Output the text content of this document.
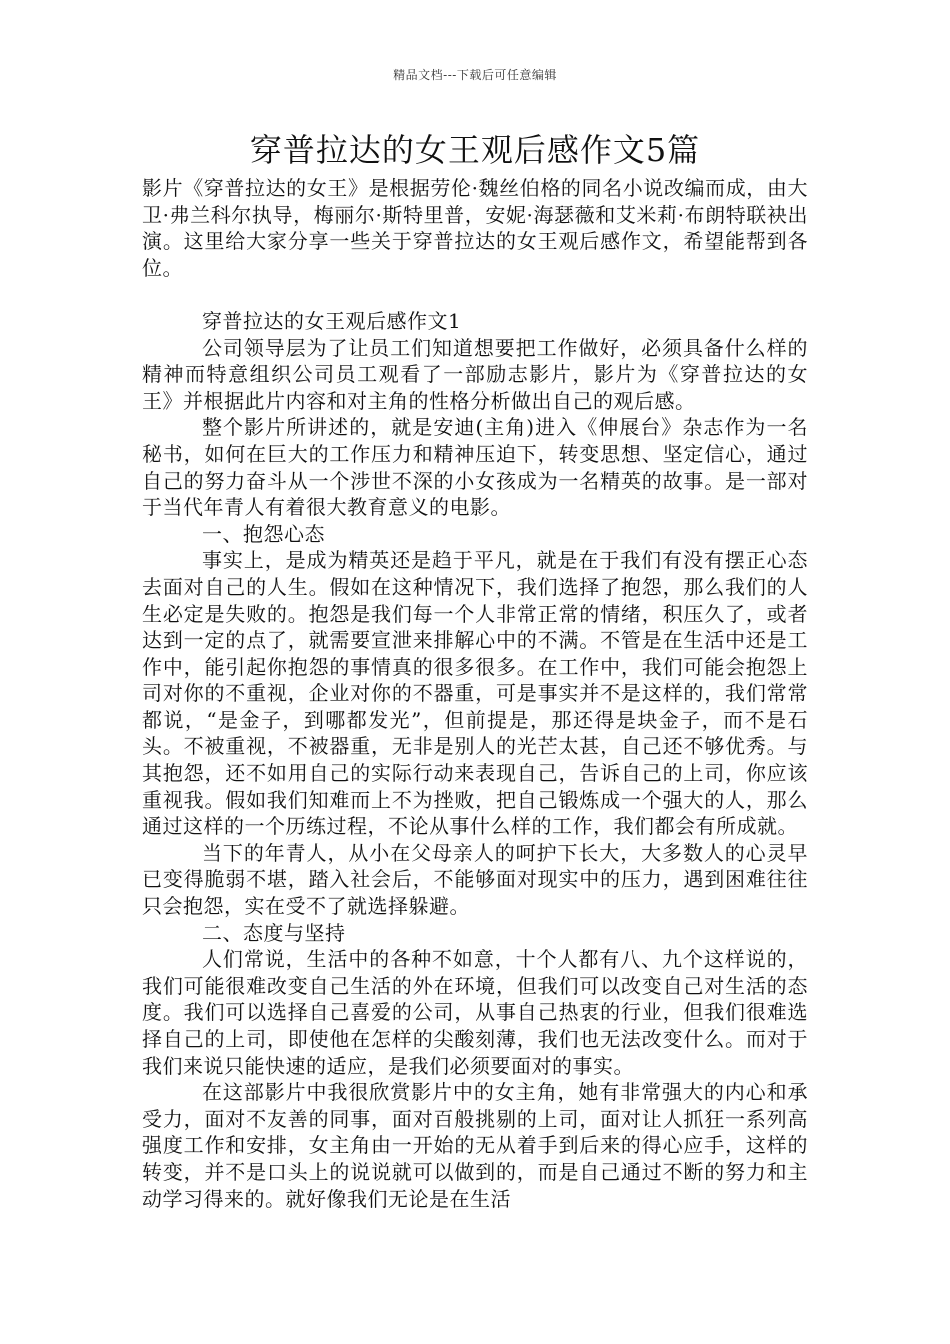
精品文档---下载后可任意编辑
穿普拉达的女王观后感作文5篇

影片《穿普拉达的女王》是根据劳伦·魏丝伯格的同名小说改编而成，由大卫·弗兰科尔执导，梅丽尔·斯特里普，安妮·海瑟薇和艾米莉·布朗特联袂出演。这里给大家分享一些关于穿普拉达的女王观后感作文，希望能帮到各位。

穿普拉达的女王观后感作文1

公司领导层为了让员工们知道想要把工作做好，必须具备什么样的精神而特意组织公司员工观看了一部励志影片，影片为《穿普拉达的女王》并根据此片内容和对主角的性格分析做出自己的观后感。

整个影片所讲述的，就是安迪(主角)进入《伸展台》杂志作为一名秘书，如何在巨大的工作压力和精神压迫下，转变思想、坚定信心，通过自己的努力奋斗从一个涉世不深的小女孩成为一名精英的故事。是一部对于当代年青人有着很大教育意义的电影。

一、抱怨心态

事实上，是成为精英还是趋于平凡，就是在于我们有没有摆正心态去面对自己的人生。假如在这种情况下，我们选择了抱怨，那么我们的人生必定是失败的。抱怨是我们每一个人非常正常的情绪，积压久了，或者达到一定的点了，就需要宣泄来排解心中的不满。不管是在生活中还是工作中，能引起你抱怨的事情真的很多很多。在工作中，我们可能会抱怨上司对你的不重视，企业对你的不器重，可是事实并不是这样的，我们常常都说，“是金子，到哪都发光”，但前提是，那还得是块金子，而不是石头。不被重视，不被器重，无非是别人的光芒太甚，自己还不够优秀。与其抱怨，还不如用自己的实际行动来表现自己，告诉自己的上司，你应该重视我。假如我们知难而上不为挫败，把自己锻炼成一个强大的人，那么通过这样的一个历练过程，不论从事什么样的工作，我们都会有所成就。

当下的年青人，从小在父母亲人的呵护下长大，大多数人的心灵早已变得脆弱不堪，踏入社会后，不能够面对现实中的压力，遇到困难往往只会抱怨，实在受不了就选择躲避。

二、态度与坚持

人们常说，生活中的各种不如意，十个人都有八、九个这样说的，我们可能很难改变自己生活的外在环境，但我们可以改变自己对生活的态度。我们可以选择自己喜爱的公司，从事自己热衷的行业，但我们很难选择自己的上司，即使他在怎样的尖酸刻薄，我们也无法改变什么。而对于我们来说只能快速的适应，是我们必须要面对的事实。

在这部影片中我很欣赏影片中的女主角，她有非常强大的内心和承受力，面对不友善的同事，面对百般挑剔的上司，面对让人抓狂一系列高强度工作和安排，女主角由一开始的无从着手到后来的得心应手，这样的转变，并不是口头上的说说就可以做到的，而是自己通过不断的努力和主动学习得来的。就好像我们无论是在生活
